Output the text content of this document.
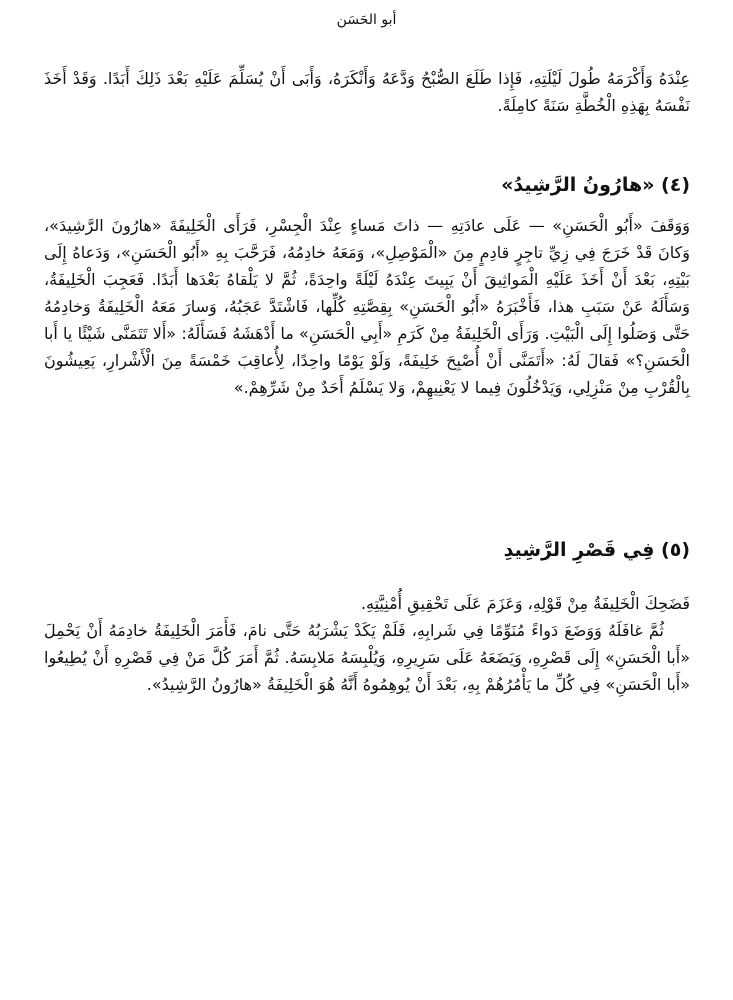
أبو الحَسَن

عِنْدَهُ وَأَكْرَمَهُ طُولَ لَيْلَتِهِ، فَإِذا طَلَعَ الصُّبْحُ وَدَّعَهُ وَأَنْكَرَهُ، وَأَبَى أَنْ يُسَلِّمَ عَلَيْهِ بَعْدَ ذَلِكَ أَبَدًا. وَقَدْ أَخَذَ نَفْسَهُ بِهَذِهِ الْخُطَّةِ سَنَةً كامِلَةً.

(٤) «هارُونُ الرَّشِيدُ»

وَوَقَفَ «أَبُو الْحَسَنِ» — عَلَى عادَتِهِ — ذاتَ مَساءٍ عِنْدَ الْجِسْرِ، فَرَأَى الْخَلِيفَةَ «هارُونَ الرَّشِيدَ»، وَكانَ قَدْ خَرَجَ فِي زِيِّ تاجِرٍ قادِمٍ مِنَ «الْمَوْصِلِ»، وَمَعَهُ خادِمُهُ، فَرَحَّبَ بِهِ «أَبُو الْحَسَنِ»، وَدَعاهُ إِلَى بَيْتِهِ، بَعْدَ أَنْ أَخَذَ عَلَيْهِ الْمَواثِيقَ أَنْ يَبِيتَ عِنْدَهُ لَيْلَةً واحِدَةً، ثُمَّ لا يَلْقاهُ بَعْدَها أَبَدًا. فَعَجِبَ الْخَلِيفَةُ، وَسَأَلَهُ عَنْ سَبَبِ هذا، فَأَخْبَرَهُ «أَبُو الْحَسَنِ» بِقِصَّتِهِ كُلِّها، فَاشْتَدَّ عَجَبُهُ، وَسارَ مَعَهُ الْخَلِيفَةُ وَخادِمُهُ حَتَّى وَصَلُوا إِلَى الْبَيْتِ. وَرَأَى الْخَلِيفَةُ مِنْ كَرَمِ «أَبِي الْحَسَنِ» ما أَدْهَشَهُ فَسَأَلَهُ: «أَلا تَتَمَنَّى شَيْئًا يا أَبا الْحَسَنِ؟» فَقالَ لَهُ: «أَتَمَنَّى أَنْ أُصْبِحَ خَلِيفَةً، وَلَوْ يَوْمًا واحِدًا، لِأُعاقِبَ خَمْسَةً مِنَ الْأَشْرارِ، يَعِيشُونَ بِالْقُرْبِ مِنْ مَنْزِلِي، وَيَدْخُلُونَ فِيما لا يَعْنِيهِمْ، وَلا يَسْلَمُ أَحَدٌ مِنْ شَرِّهِمْ.»

(٥) فِي قَصْرِ الرَّشِيدِ

فَضَحِكَ الْخَلِيفَةُ مِنْ قَوْلِهِ، وَعَزَمَ عَلَى تَحْقِيقِ أُمْنِيَّتِهِ.

ثُمَّ غافَلَهُ وَوَضَعَ دَواءً مُنَوِّمًا فِي شَرابِهِ، فَلَمْ يَكَدْ يَشْرَبُهُ حَتَّى نامَ، فَأَمَرَ الْخَلِيفَةُ خادِمَهُ أَنْ يَحْمِلَ «أَبا الْحَسَنِ» إِلَى قَصْرِهِ، وَيَضَعَهُ عَلَى سَرِيرِهِ، وَيُلْبِسَهُ مَلابِسَهُ. ثُمَّ أَمَرَ كُلَّ مَنْ فِي قَصْرِهِ أَنْ يُطِيعُوا «أَبا الْحَسَنِ» فِي كُلِّ ما يَأْمُرُهُمْ بِهِ، بَعْدَ أَنْ يُوهِمُوهُ أَنَّهُ هُوَ الْخَلِيفَةُ «هارُونُ الرَّشِيدُ».
